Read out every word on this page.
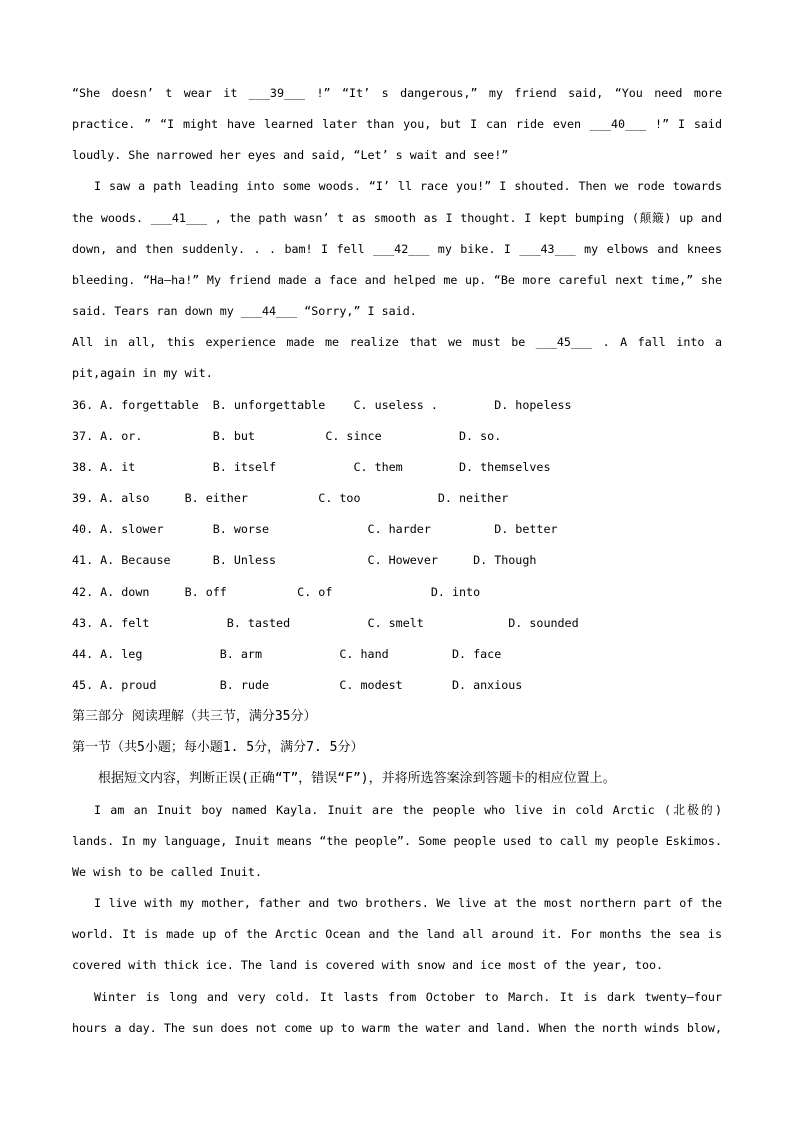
“She doesn’ t wear it ___39___ !” “It’ s dangerous,” my friend said, “You need more practice. ” “I might have learned later than you, but I can ride even ___40___ !” I said loudly. She narrowed her eyes and said, “Let’ s wait and see!”

I saw a path leading into some woods. “I’ ll race you!” I shouted. Then we rode towards the woods. ___41___ , the path wasn’ t as smooth as I thought. I kept bumping (颠簸) up and down, and then suddenly. . . bam! I fell ___42___ my bike. I ___43___ my elbows and knees bleeding. “Ha—ha!” My friend made a face and helped me up. “Be more careful next time,” she said. Tears ran down my ___44___ “Sorry,” I said.

All in all, this experience made me realize that we must be ___45___ . A fall into a pit,again in my wit.

36. A. forgettable  B. unforgettable    C. useless .        D. hopeless
37. A. or.          B. but          C. since           D. so.
38. A. it           B. itself           C. them        D. themselves
39. A. also     B. either          C. too           D. neither
40. A. slower       B. worse              C. harder         D. better
41. A. Because      B. Unless             C. However     D. Though
42. A. down     B. off          C. of              D. into
43. A. felt           B. tasted           C. smelt            D. sounded
44. A. leg           B. arm           C. hand         D. face
45. A. proud         B. rude          C. modest       D. anxious

第三部分 阅读理解（共三节，满分35分）

第一节（共5小题；每小题1. 5分，满分7. 5分）

根据短文内容，判断正误(正确“T”，错误“F”)，并将所选答案涂到答题卡的相应位置上。

I am an Inuit boy named Kayla. Inuit are the people who live in cold Arctic (北极的) lands. In my language, Inuit means “the people”. Some people used to call my people Eskimos. We wish to be called Inuit.

I live with my mother, father and two brothers. We live at the most northern part of the world. It is made up of the Arctic Ocean and the land all around it. For months the sea is covered with thick ice. The land is covered with snow and ice most of the year, too.

Winter is long and very cold. It lasts from October to March. It is dark twenty—four hours a day. The sun does not come up to warm the water and land. When the north winds blow,
